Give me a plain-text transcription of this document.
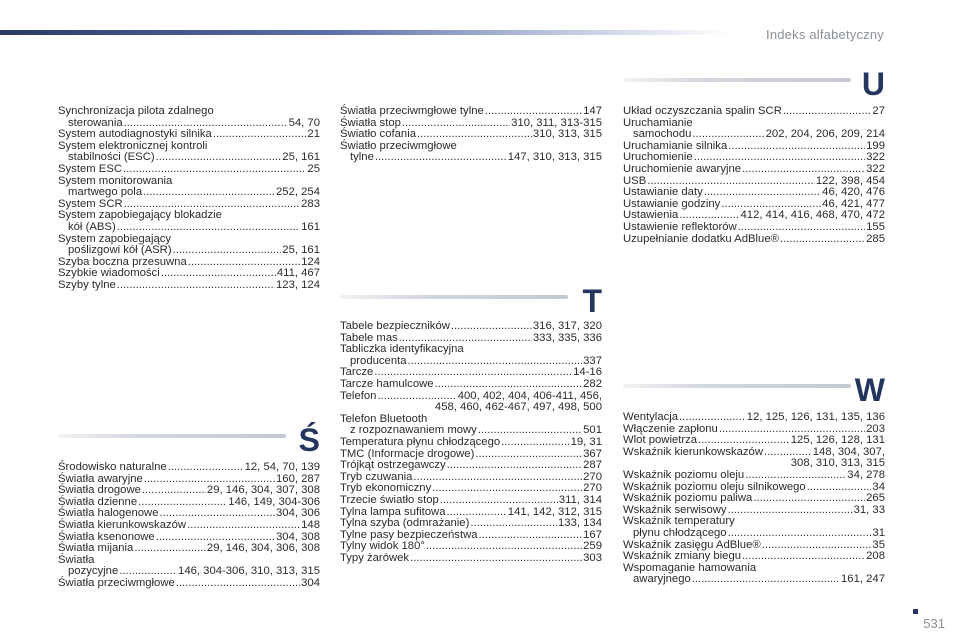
Indeks alfabetyczny
Synchronizacja pilota zdalnego
sterowania .....	54, 70
System autodiagnostyki silnika .....	21
System elektronicznej kontroli
stabilności (ESC) .....	25, 161
System ESC .....	25
System monitorowania
martwego pola .....	252, 254
System SCR .....	283
System zapobiegający blokadzie
kół (ABS) .....	161
System zapobiegający
poślizgowi kół (ASR) .....	25, 161
Szyba boczna przesuwna .....	124
Szybkie wiadomości .....	411, 467
Szyby tylne .....	123, 124
Ś
Środowisko naturalne .....	12, 54, 70, 139
Światła awaryjne .....	160, 287
Światła drogowe .....	29, 146, 304, 307, 308
Światła dzienne .....	146, 149, 304-306
Światła halogenowe .....	304, 306
Światła kierunkowskazów .....	148
Światła ksenonowe .....	304, 308
Światła mijania .....	29, 146, 304, 306, 308
Światła
pozycyjne .....	146, 304-306, 310, 313, 315
Światła przeciwmgłowe .....	304
Światła przeciwmgłowe tylne .....	147
Światła stop .....	310, 311, 313-315
Światło cofania .....	310, 313, 315
Światło przeciwmgłowe
tylne .....	147, 310, 313, 315
T
Tabele bezpieczników .....	316, 317, 320
Tabele mas .....	333, 335, 336
Tabliczka identyfikacyjna
producenta .....	337
Tarcze .....	14-16
Tarcze hamulcowe .....	282
Telefon .....	400, 402, 404, 406-411, 456,
458, 460, 462-467, 497, 498, 500
Telefon Bluetooth
z rozpoznawaniem mowy .....	501
Temperatura płynu chłodzącego .....	19, 31
TMC (Informacje drogowe) .....	367
Trójkąt ostrzegawczy .....	287
Tryb czuwania .....	270
Tryb ekonomiczny .....	270
Trzecie światło stop .....	311, 314
Tylna lampa sufitowa .....	141, 142, 312, 315
Tylna szyba (odmrażanie) .....	133, 134
Tylne pasy bezpieczeństwa .....	167
Tylny widok 180° .....	259
Typy żarówek .....	303
U
Układ oczyszczania spalin SCR .....	27
Uruchamianie
samochodu .....	202, 204, 206, 209, 214
Uruchamianie silnika .....	199
Uruchomienie .....	322
Uruchomienie awaryjne .....	322
USB .....	122, 398, 454
Ustawianie daty .....	46, 420, 476
Ustawianie godziny .....	46, 421, 477
Ustawienia .....	412, 414, 416, 468, 470, 472
Ustawienie reflektorów .....	155
Uzupełnianie dodatku AdBlue® .....	285
W
Wentylacja .....	12, 125, 126, 131, 135, 136
Włączenie zapłonu .....	203
Wlot powietrza .....	125, 126, 128, 131
Wskaźnik kierunkowskazów .....	148, 304, 307,
308, 310, 313, 315
Wskaźnik poziomu oleju .....	34, 278
Wskaźnik poziomu oleju silnikowego .....	34
Wskaźnik poziomu paliwa .....	265
Wskaźnik serwisowy .....	31, 33
Wskaźnik temperatury
płynu chłodzącego .....	31
Wskaźnik zasięgu AdBlue® .....	35
Wskaźnik zmiany biegu .....	208
Wspomaganie hamowania
awaryjnego .....	161, 247
531
